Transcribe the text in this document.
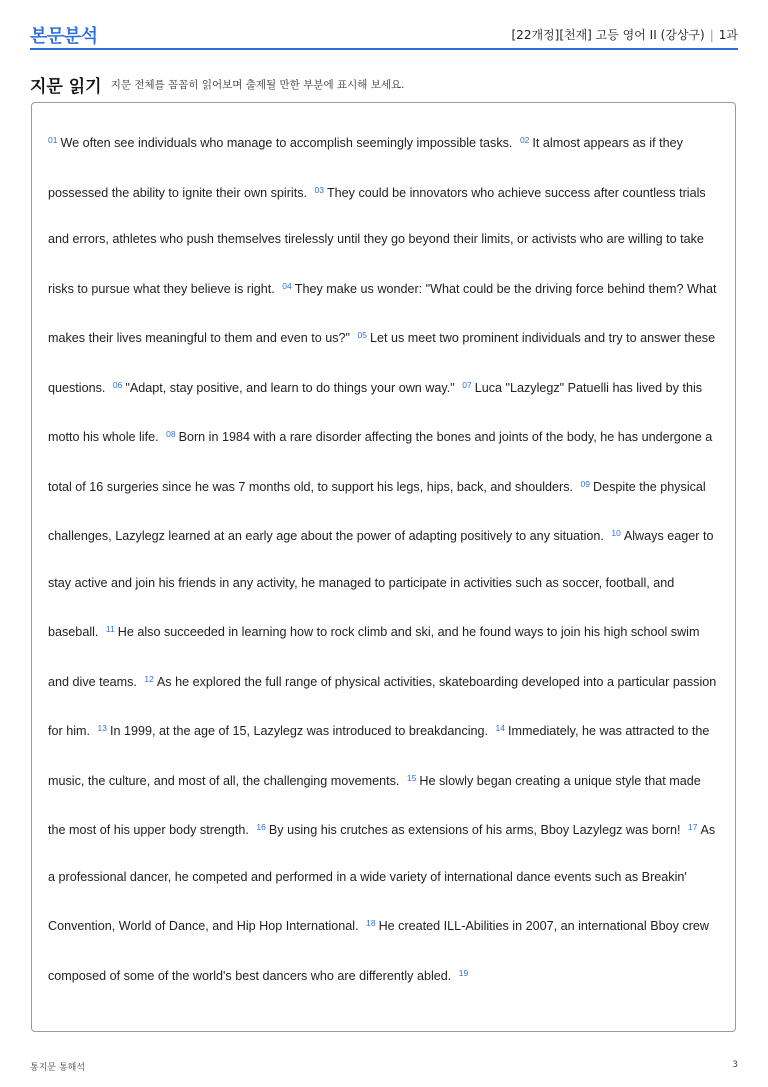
본문분석	[22개정][천재] 고등 영어 II (강상구) | 1과
지문 읽기 지문 전체를 꼼꼼히 읽어보며 출제될 만한 부분에 표시해 보세요.
$^{01}$ We often see individuals who manage to accomplish seemingly impossible tasks. $^{02}$ It almost appears as if they possessed the ability to ignite their own spirits. $^{03}$ They could be innovators who achieve success after countless trials and errors, athletes who push themselves tirelessly until they go beyond their limits, or activists who are willing to take risks to pursue what they believe is right. $^{04}$ They make us wonder: "What could be the driving force behind them? What makes their lives meaningful to them and even to us?" $^{05}$ Let us meet two prominent individuals and try to answer these questions. $^{06}$ "Adapt, stay positive, and learn to do things your own way." $^{07}$ Luca "Lazylegz" Patuelli has lived by this motto his whole life. $^{08}$ Born in 1984 with a rare disorder affecting the bones and joints of the body, he has undergone a total of 16 surgeries since he was 7 months old, to support his legs, hips, back, and shoulders. $^{09}$ Despite the physical challenges, Lazylegz learned at an early age about the power of adapting positively to any situation. $^{10}$ Always eager to stay active and join his friends in any activity, he managed to participate in activities such as soccer, football, and baseball. $^{11}$ He also succeeded in learning how to rock climb and ski, and he found ways to join his high school swim and dive teams. $^{12}$ As he explored the full range of physical activities, skateboarding developed into a particular passion for him. $^{13}$ In 1999, at the age of 15, Lazylegz was introduced to breakdancing. $^{14}$ Immediately, he was attracted to the music, the culture, and most of all, the challenging movements. $^{15}$ He slowly began creating a unique style that made the most of his upper body strength. $^{16}$ By using his crutches as extensions of his arms, Bboy Lazylegz was born! $^{17}$ As a professional dancer, he competed and performed in a wide variety of international dance events such as Breakin' Convention, World of Dance, and Hip Hop International. $^{18}$ He created ILL-Abilities in 2007, an international Bboy crew composed of some of the world's best dancers who are differently abled. $^{19}$
통지문 통해석	3
